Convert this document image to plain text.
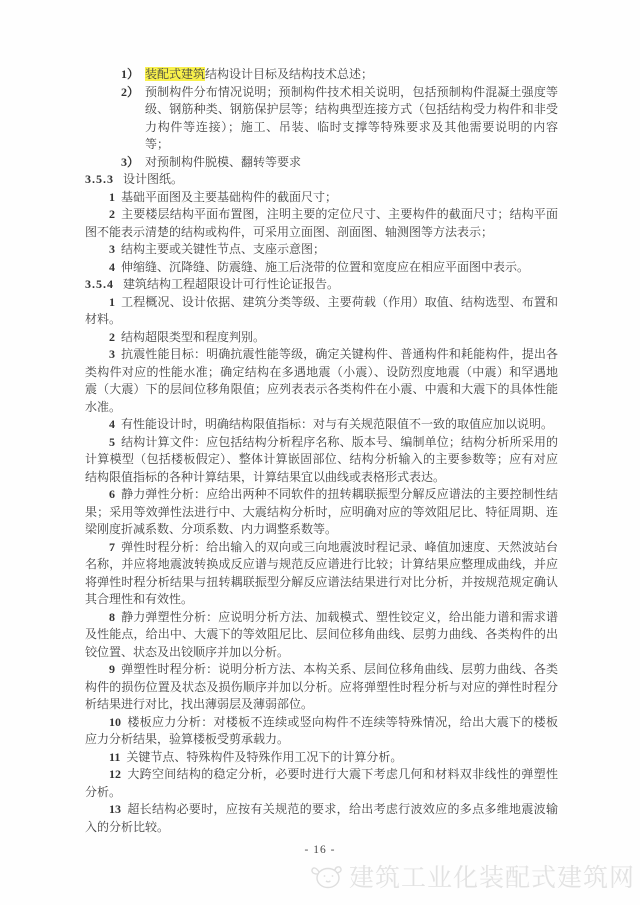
1） 装配式建筑结构设计目标及结构技术总述；
2） 预制构件分布情况说明；预制构件技术相关说明，包括预制构件混凝土强度等级、钢筋种类、钢筋保护层等；结构典型连接方式（包括结构受力构件和非受力构件等连接）；施工、吊装、临时支撑等特殊要求及其他需要说明的内容等；
3） 对预制构件脱模、翻转等要求
3.5.3 设计图纸。

1 基础平面图及主要基础构件的截面尺寸；

2 主要楼层结构平面布置图，注明主要的定位尺寸、主要构件的截面尺寸；结构平面图不能表示清楚的结构或构件，可采用立面图、剖面图、轴测图等方法表示；

3 结构主要或关键性节点、支座示意图；

4 伸缩缝、沉降缝、防震缝、施工后浇带的位置和宽度应在相应平面图中表示。

3.5.4 建筑结构工程超限设计可行性论证报告。

1 工程概况、设计依据、建筑分类等级、主要荷载（作用）取值、结构选型、布置和材料。

2 结构超限类型和程度判别。

3 抗震性能目标：明确抗震性能等级，确定关键构件、普通构件和耗能构件，提出各类构件对应的性能水准；确定结构在多遇地震（小震）、设防烈度地震（中震）和罕遇地震（大震）下的层间位移角限值；应列表表示各类构件在小震、中震和大震下的具体性能水准。

4 有性能设计时，明确结构限值指标：对与有关规范限值不一致的取值应加以说明。

5 结构计算文件：应包括结构分析程序名称、版本号、编制单位；结构分析所采用的计算模型（包括楼板假定）、整体计算嵌固部位、结构分析输入的主要参数等；应有对应结构限值指标的各种计算结果，计算结果宜以曲线或表格形式表达。

6 静力弹性分析：应给出两种不同软件的扭转耦联振型分解反应谱法的主要控制性结果；采用等效弹性法进行中、大震结构分析时，应明确对应的等效阻尼比、特征周期、连梁刚度折减系数、分项系数、内力调整系数等。

7 弹性时程分析：给出输入的双向或三向地震波时程记录、峰值加速度、天然波站台名称，并应将地震波转换成反应谱与规范反应谱进行比较；计算结果应整理成曲线，并应将弹性时程分析结果与扭转耦联振型分解反应谱法结果进行对比分析，并按规范规定确认其合理性和有效性。

8 静力弹塑性分析：应说明分析方法、加载模式、塑性铰定义，给出能力谱和需求谱及性能点，给出中、大震下的等效阻尼比、层间位移角曲线、层剪力曲线、各类构件的出铰位置、状态及出铰顺序并加以分析。

9 弹塑性时程分析：说明分析方法、本构关系、层间位移角曲线、层剪力曲线、各类构件的损伤位置及状态及损伤顺序并加以分析。应将弹塑性时程分析与对应的弹性时程分析结果进行对比，找出薄弱层及薄弱部位。

10 楼板应力分析：对楼板不连续或竖向构件不连续等特殊情况，给出大震下的楼板应力分析结果，验算楼板受剪承载力。

11 关键节点、特殊构件及特殊作用工况下的计算分析。

12 大跨空间结构的稳定分析，必要时进行大震下考虑几何和材料双非线性的弹塑性分析。

13 超长结构必要时，应按有关规范的要求，给出考虑行波效应的多点多维地震波输入的分析比较。

- 16 -
建筑工业化装配式建筑网
